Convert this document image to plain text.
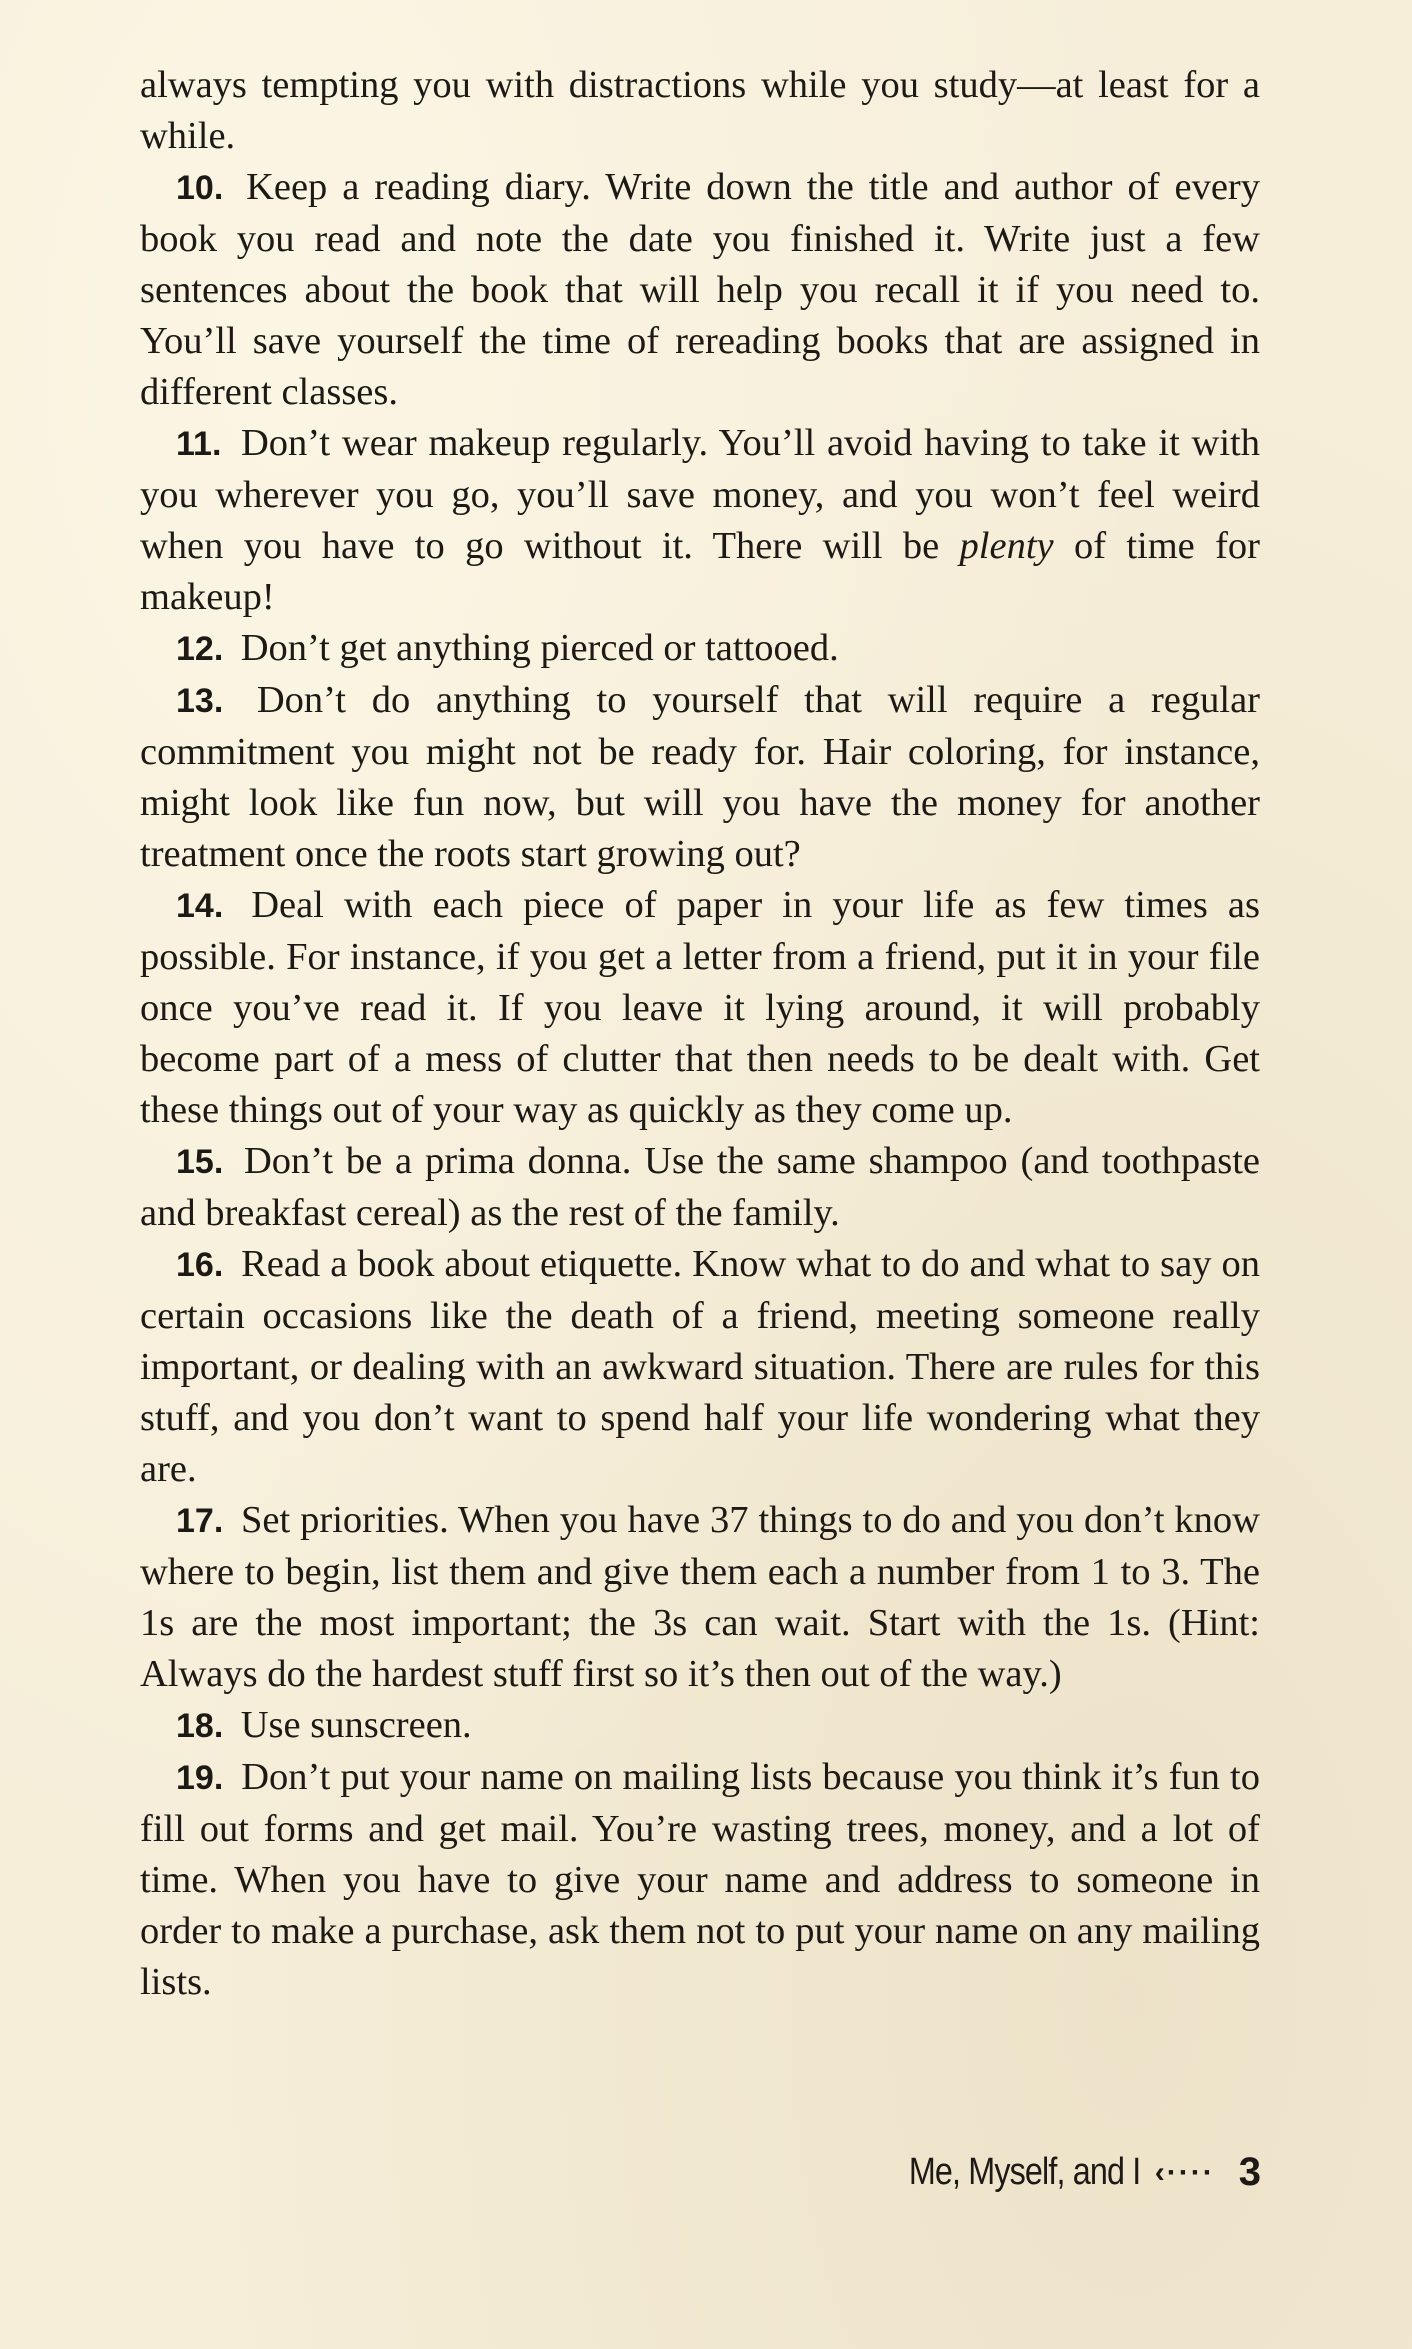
always tempting you with distractions while you study—at least for a while.

10. Keep a reading diary. Write down the title and author of every book you read and note the date you finished it. Write just a few sentences about the book that will help you recall it if you need to. You’ll save yourself the time of rereading books that are assigned in different classes.

11. Don’t wear makeup regularly. You’ll avoid having to take it with you wherever you go, you’ll save money, and you won’t feel weird when you have to go without it. There will be plenty of time for makeup!

12. Don’t get anything pierced or tattooed.

13. Don’t do anything to yourself that will require a regular commitment you might not be ready for. Hair coloring, for instance, might look like fun now, but will you have the money for another treatment once the roots start growing out?

14. Deal with each piece of paper in your life as few times as possible. For instance, if you get a letter from a friend, put it in your file once you’ve read it. If you leave it lying around, it will probably become part of a mess of clutter that then needs to be dealt with. Get these things out of your way as quickly as they come up.

15. Don’t be a prima donna. Use the same shampoo (and toothpaste and breakfast cereal) as the rest of the family.

16. Read a book about etiquette. Know what to do and what to say on certain occasions like the death of a friend, meeting someone really important, or dealing with an awkward situation. There are rules for this stuff, and you don’t want to spend half your life wondering what they are.

17. Set priorities. When you have 37 things to do and you don’t know where to begin, list them and give them each a number from 1 to 3. The 1s are the most important; the 3s can wait. Start with the 1s. (Hint: Always do the hardest stuff first so it’s then out of the way.)

18. Use sunscreen.

19. Don’t put your name on mailing lists because you think it’s fun to fill out forms and get mail. You’re wasting trees, money, and a lot of time. When you have to give your name and address to someone in order to make a purchase, ask them not to put your name on any mailing lists.

Me, Myself, and I ‹···· 3
